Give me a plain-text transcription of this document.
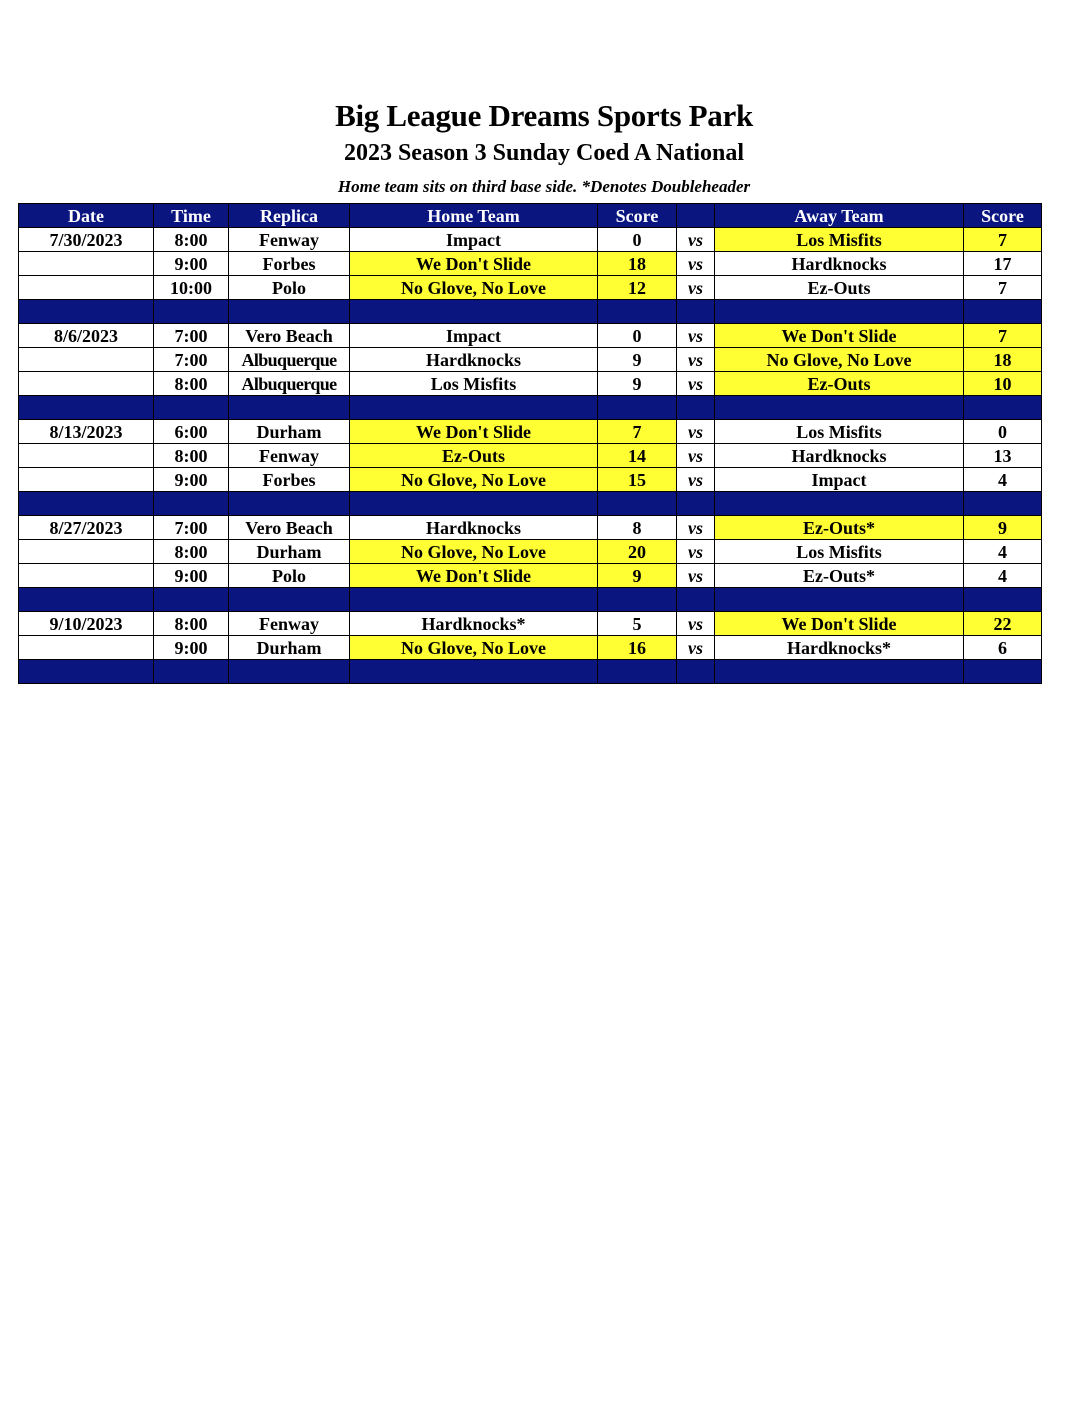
Big League Dreams Sports Park
2023 Season 3 Sunday Coed A National
Home team sits on third base side. *Denotes Doubleheader
Date	Time	Replica	Home Team	Score		Away Team	Score
7/30/2023	8:00	Fenway	Impact	0	vs	Los Misfits	7
	9:00	Forbes	We Don't Slide	18	vs	Hardknocks	17
	10:00	Polo	No Glove, No Love	12	vs	Ez-Outs	7

8/6/2023	7:00	Vero Beach	Impact	0	vs	We Don't Slide	7
	7:00	Albuquerque	Hardknocks	9	vs	No Glove, No Love	18
	8:00	Albuquerque	Los Misfits	9	vs	Ez-Outs	10

8/13/2023	6:00	Durham	We Don't Slide	7	vs	Los Misfits	0
	8:00	Fenway	Ez-Outs	14	vs	Hardknocks	13
	9:00	Forbes	No Glove, No Love	15	vs	Impact	4

8/27/2023	7:00	Vero Beach	Hardknocks	8	vs	Ez-Outs*	9
	8:00	Durham	No Glove, No Love	20	vs	Los Misfits	4
	9:00	Polo	We Don't Slide	9	vs	Ez-Outs*	4

9/10/2023	8:00	Fenway	Hardknocks*	5	vs	We Don't Slide	22
	9:00	Durham	No Glove, No Love	16	vs	Hardknocks*	6
